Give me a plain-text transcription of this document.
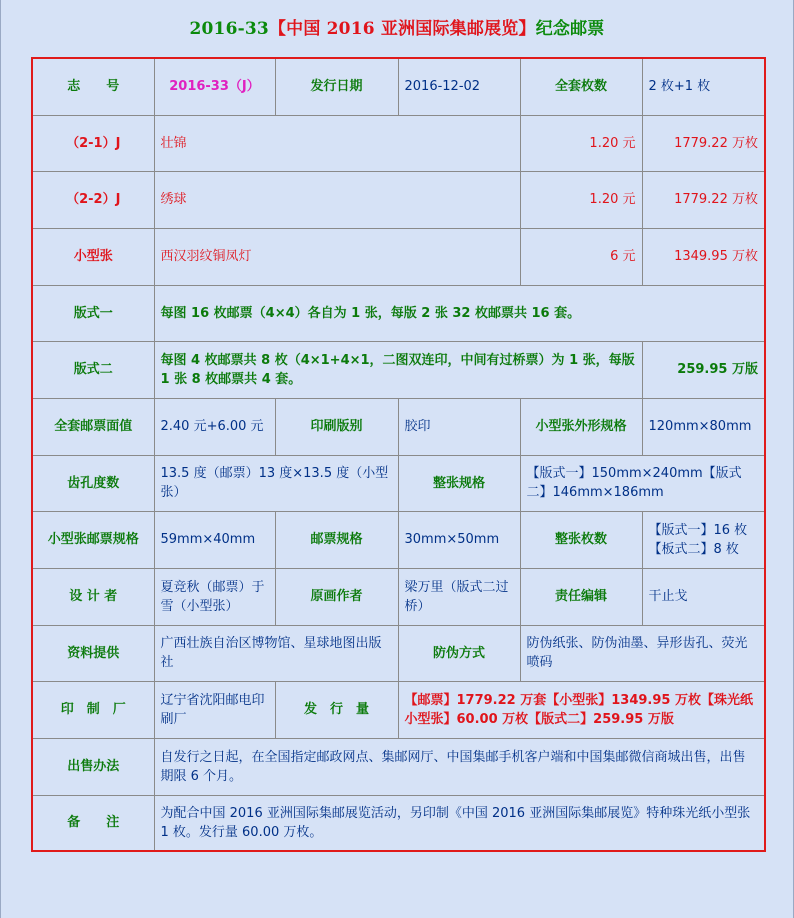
2016-33【中国 2016 亚洲国际集邮展览】纪念邮票
志　　号	2016-33（J）	发行日期	2016-12-02	全套枚数	2 枚+1 枚
（2-1）J	壮锦			1.20 元	1779.22 万枚
（2-2）J	绣球			1.20 元	1779.22 万枚
小型张	西汉羽纹铜凤灯			6 元	1349.95 万枚
版式一	每图 16 枚邮票（4×4）各自为 1 张，每版 2 张 32 枚邮票共 16 套。				
版式二	每图 4 枚邮票共 8 枚（4×1+4×1，二图双连印，中间有过桥票）为 1 张，每版 1 张 8 枚邮票共 4 套。				259.95 万版
全套邮票面值	2.40 元+6.00 元	印刷版别	胶印	小型张外形规格	120mm×80mm
齿孔度数	13.5 度（邮票）13 度×13.5 度（小型张）		整张规格	【版式一】150mm×240mm【版式二】146mm×186mm	
小型张邮票规格	59mm×40mm	邮票规格	30mm×50mm	整张枚数	【版式一】16 枚【板式二】8 枚
设 计 者	夏竞秋（邮票）于雪（小型张）	原画作者	梁万里（版式二过桥）	责任编辑	干止戈
资料提供	广西壮族自治区博物馆、星球地图出版社		防伪方式	防伪纸张、防伪油墨、异形齿孔、荧光喷码	
印　制　厂	辽宁省沈阳邮电印刷厂	发　行　量	【邮票】1779.22 万套【小型张】1349.95 万枚【珠光纸小型张】60.00 万枚【版式二】259.95 万版		
出售办法	自发行之日起，在全国指定邮政网点、集邮网厅、中国集邮手机客户端和中国集邮微信商城出售，出售期限 6 个月。				
备　　注	为配合中国 2016 亚洲国际集邮展览活动，另印制《中国 2016 亚洲国际集邮展览》特种珠光纸小型张 1 枚。发行量 60.00 万枚。				
